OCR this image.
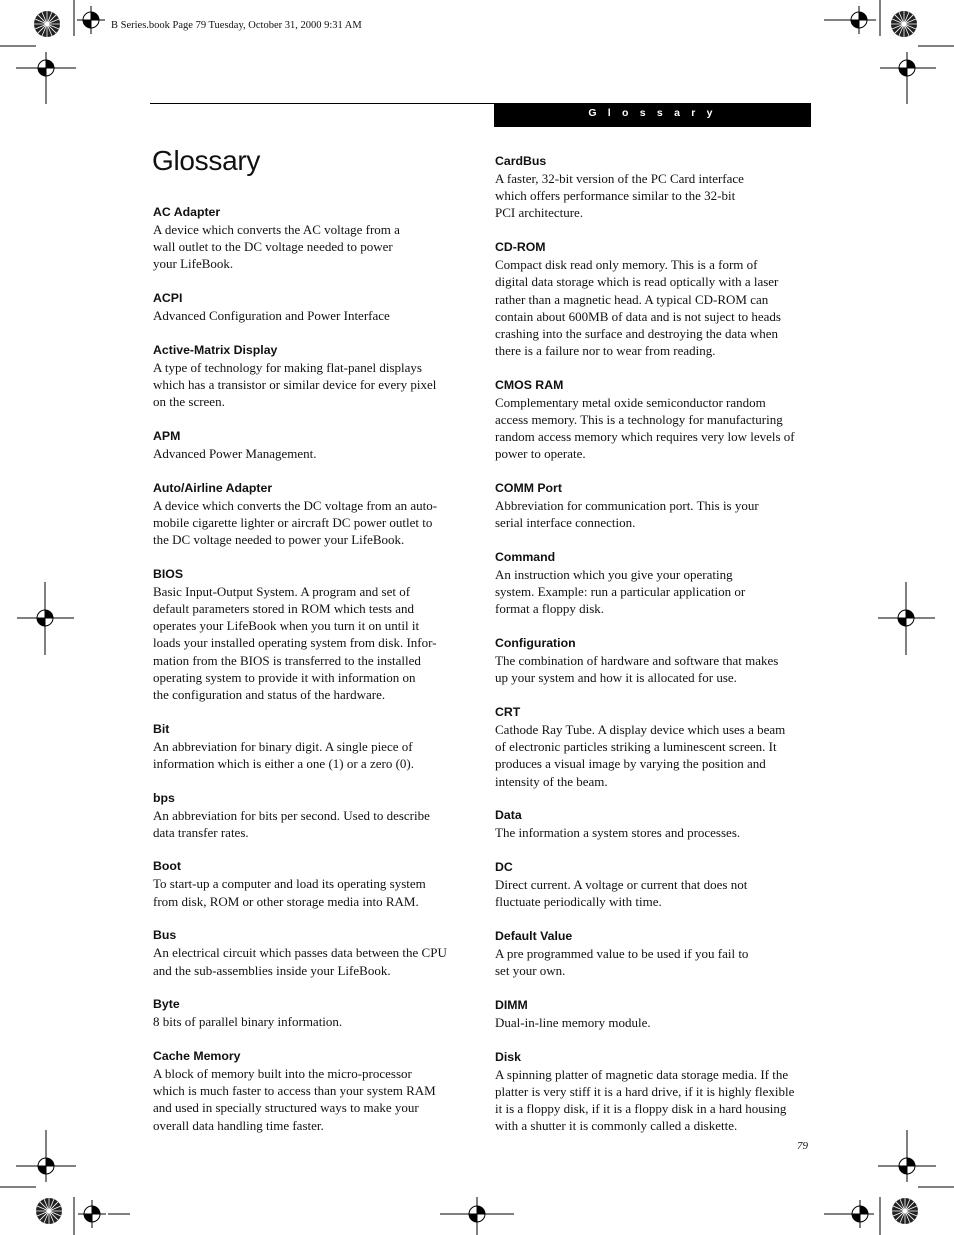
B Series.book Page 79 Tuesday, October 31, 2000 9:31 AM
G l o s s a r y
Glossary
AC Adapter
A device which converts the AC voltage from a
wall outlet to the DC voltage needed to power
your LifeBook.
ACPI
Advanced Configuration and Power Interface
Active-Matrix Display
A type of technology for making flat-panel displays
which has a transistor or similar device for every pixel
on the screen.
APM
Advanced Power Management.
Auto/Airline Adapter
A device which converts the DC voltage from an auto-
mobile cigarette lighter or aircraft DC power outlet to
the DC voltage needed to power your LifeBook.
BIOS
Basic Input-Output System. A program and set of
default parameters stored in ROM which tests and
operates your LifeBook when you turn it on until it
loads your installed operating system from disk. Infor-
mation from the BIOS is transferred to the installed
operating system to provide it with information on
the configuration and status of the hardware.
Bit
An abbreviation for binary digit. A single piece of
information which is either a one (1) or a zero (0).
bps
An abbreviation for bits per second. Used to describe
data transfer rates.
Boot
To start-up a computer and load its operating system
from disk, ROM or other storage media into RAM.
Bus
An electrical circuit which passes data between the CPU
and the sub-assemblies inside your LifeBook.
Byte
8 bits of parallel binary information.
Cache Memory
A block of memory built into the micro-processor
which is much faster to access than your system RAM
and used in specially structured ways to make your
overall data handling time faster.
CardBus
A faster, 32-bit version of the PC Card interface
which offers performance similar to the 32-bit
PCI architecture.
CD-ROM
Compact disk read only memory. This is a form of
digital data storage which is read optically with a laser
rather than a magnetic head. A typical CD-ROM can
contain about 600MB of data and is not suject to heads
crashing into the surface and destroying the data when
there is a failure nor to wear from reading.
CMOS RAM
Complementary metal oxide semiconductor random
access memory. This is a technology for manufacturing
random access memory which requires very low levels of
power to operate.
COMM Port
Abbreviation for communication port. This is your
serial interface connection.
Command
An instruction which you give your operating
system. Example: run a particular application or
format a floppy disk.
Configuration
The combination of hardware and software that makes
up your system and how it is allocated for use.
CRT
Cathode Ray Tube. A display device which uses a beam
of electronic particles striking a luminescent screen. It
produces a visual image by varying the position and
intensity of the beam.
Data
The information a system stores and processes.
DC
Direct current. A voltage or current that does not
fluctuate periodically with time.
Default Value
A pre programmed value to be used if you fail to
set your own.
DIMM
Dual-in-line memory module.
Disk
A spinning platter of magnetic data storage media. If the
platter is very stiff it is a hard drive, if it is highly flexible
it is a floppy disk, if it is a floppy disk in a hard housing
with a shutter it is commonly called a diskette.
79
